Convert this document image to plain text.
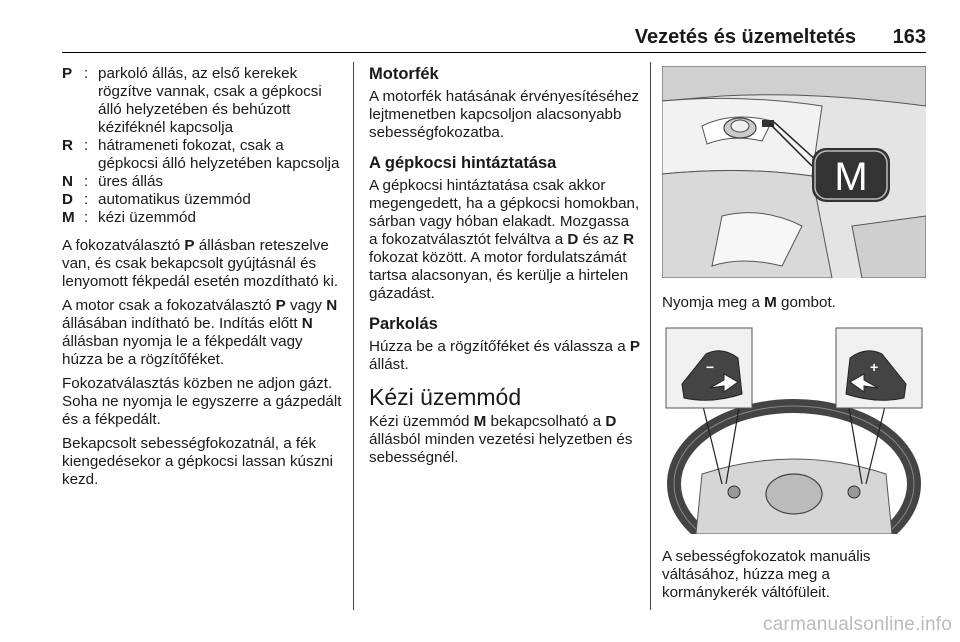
Vezetés és üzemeltetés 163
P : parkoló állás, az első kerekek rögzítve vannak, csak a gépkocsi álló helyzetében és behúzott kéziféknél kapcsolja
R : hátrameneti fokozat, csak a gépkocsi álló helyzetében kapcsolja
N : üres állás
D : automatikus üzemmód
M : kézi üzemmód

A fokozatválasztó P állásban reteszelve van, és csak bekapcsolt gyújtásnál és lenyomott fékpedál esetén mozdítható ki.

A motor csak a fokozatválasztó P vagy N állásában indítható be. Indítás előtt N állásban nyomja le a fékpedált vagy húzza be a rögzítőféket.

Fokozatválasztás közben ne adjon gázt. Soha ne nyomja le egyszerre a gázpedált és a fékpedált.

Bekapcsolt sebességfokozatnál, a fék kiengedésekor a gépkocsi lassan kúszni kezd.

Motorfék

A motorfék hatásának érvényesítéséhez lejtmenetben kapcsoljon alacsonyabb sebességfokozatba.

A gépkocsi hintáztatása

A gépkocsi hintáztatása csak akkor megengedett, ha a gépkocsi homokban, sárban vagy hóban elakadt. Mozgassa a fokozatválasztót felváltva a D és az R fokozat között. A motor fordulatszámát tartsa alacsonyan, és kerülje a hirtelen gázadást.

Parkolás

Húzza be a rögzítőféket és válassza a P állást.

Kézi üzemmód

Kézi üzemmód M bekapcsolható a D állásból minden vezetési helyzetben és sebességnél.

M
Nyomja meg a M gombot.
−	+
A sebességfokozatok manuális váltásához, húzza meg a kormánykerék váltófüleit.
carmanualsonline.info
